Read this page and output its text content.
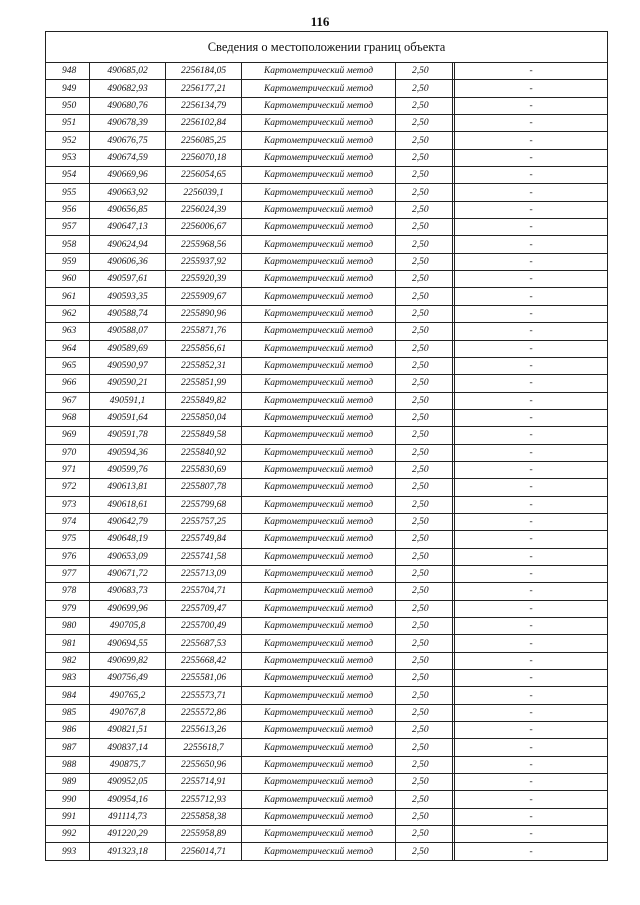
116
Сведения о местоположении границ объекта						
948	490685,02	2256184,05	Картометрический метод	2,50		-
949	490682,93	2256177,21	Картометрический метод	2,50		-
950	490680,76	2256134,79	Картометрический метод	2,50		-
951	490678,39	2256102,84	Картометрический метод	2,50		-
952	490676,75	2256085,25	Картометрический метод	2,50		-
953	490674,59	2256070,18	Картометрический метод	2,50		-
954	490669,96	2256054,65	Картометрический метод	2,50		-
955	490663,92	2256039,1	Картометрический метод	2,50		-
956	490656,85	2256024,39	Картометрический метод	2,50		-
957	490647,13	2256006,67	Картометрический метод	2,50		-
958	490624,94	2255968,56	Картометрический метод	2,50		-
959	490606,36	2255937,92	Картометрический метод	2,50		-
960	490597,61	2255920,39	Картометрический метод	2,50		-
961	490593,35	2255909,67	Картометрический метод	2,50		-
962	490588,74	2255890,96	Картометрический метод	2,50		-
963	490588,07	2255871,76	Картометрический метод	2,50		-
964	490589,69	2255856,61	Картометрический метод	2,50		-
965	490590,97	2255852,31	Картометрический метод	2,50		-
966	490590,21	2255851,99	Картометрический метод	2,50		-
967	490591,1	2255849,82	Картометрический метод	2,50		-
968	490591,64	2255850,04	Картометрический метод	2,50		-
969	490591,78	2255849,58	Картометрический метод	2,50		-
970	490594,36	2255840,92	Картометрический метод	2,50		-
971	490599,76	2255830,69	Картометрический метод	2,50		-
972	490613,81	2255807,78	Картометрический метод	2,50		-
973	490618,61	2255799,68	Картометрический метод	2,50		-
974	490642,79	2255757,25	Картометрический метод	2,50		-
975	490648,19	2255749,84	Картометрический метод	2,50		-
976	490653,09	2255741,58	Картометрический метод	2,50		-
977	490671,72	2255713,09	Картометрический метод	2,50		-
978	490683,73	2255704,71	Картометрический метод	2,50		-
979	490699,96	2255709,47	Картометрический метод	2,50		-
980	490705,8	2255700,49	Картометрический метод	2,50		-
981	490694,55	2255687,53	Картометрический метод	2,50		-
982	490699,82	2255668,42	Картометрический метод	2,50		-
983	490756,49	2255581,06	Картометрический метод	2,50		-
984	490765,2	2255573,71	Картометрический метод	2,50		-
985	490767,8	2255572,86	Картометрический метод	2,50		-
986	490821,51	2255613,26	Картометрический метод	2,50		-
987	490837,14	2255618,7	Картометрический метод	2,50		-
988	490875,7	2255650,96	Картометрический метод	2,50		-
989	490952,05	2255714,91	Картометрический метод	2,50		-
990	490954,16	2255712,93	Картометрический метод	2,50		-
991	491114,73	2255858,38	Картометрический метод	2,50		-
992	491220,29	2255958,89	Картометрический метод	2,50		-
993	491323,18	2256014,71	Картометрический метод	2,50		-
